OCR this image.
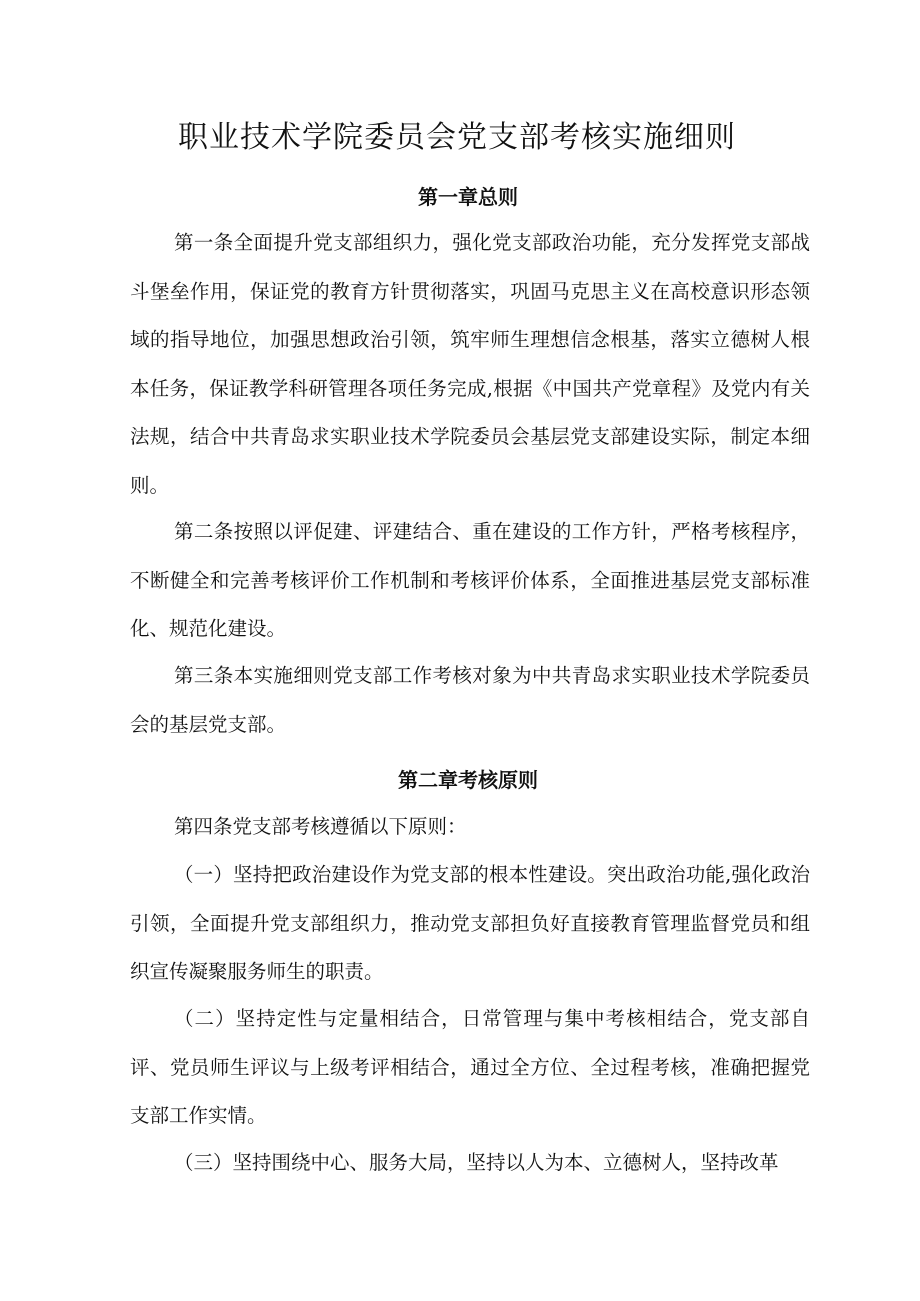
职业技术学院委员会党支部考核实施细则
第一章总则

第一条全面提升党支部组织力，强化党支部政治功能，充分发挥党支部战斗堡垒作用，保证党的教育方针贯彻落实，巩固马克思主义在高校意识形态领域的指导地位，加强思想政治引领，筑牢师生理想信念根基，落实立德树人根本任务，保证教学科研管理各项任务完成,根据《中国共产党章程》及党内有关法规，结合中共青岛求实职业技术学院委员会基层党支部建设实际，制定本细则。

第二条按照以评促建、评建结合、重在建设的工作方针，严格考核程序，不断健全和完善考核评价工作机制和考核评价体系，全面推进基层党支部标准化、规范化建设。

第三条本实施细则党支部工作考核对象为中共青岛求实职业技术学院委员会的基层党支部。

第二章考核原则

第四条党支部考核遵循以下原则：

（一）坚持把政治建设作为党支部的根本性建设。突出政治功能,强化政治引领，全面提升党支部组织力，推动党支部担负好直接教育管理监督党员和组织宣传凝聚服务师生的职责。

（二）坚持定性与定量相结合，日常管理与集中考核相结合，党支部自评、党员师生评议与上级考评相结合，通过全方位、全过程考核，准确把握党支部工作实情。

（三）坚持围绕中心、服务大局，坚持以人为本、立德树人，坚持改革
